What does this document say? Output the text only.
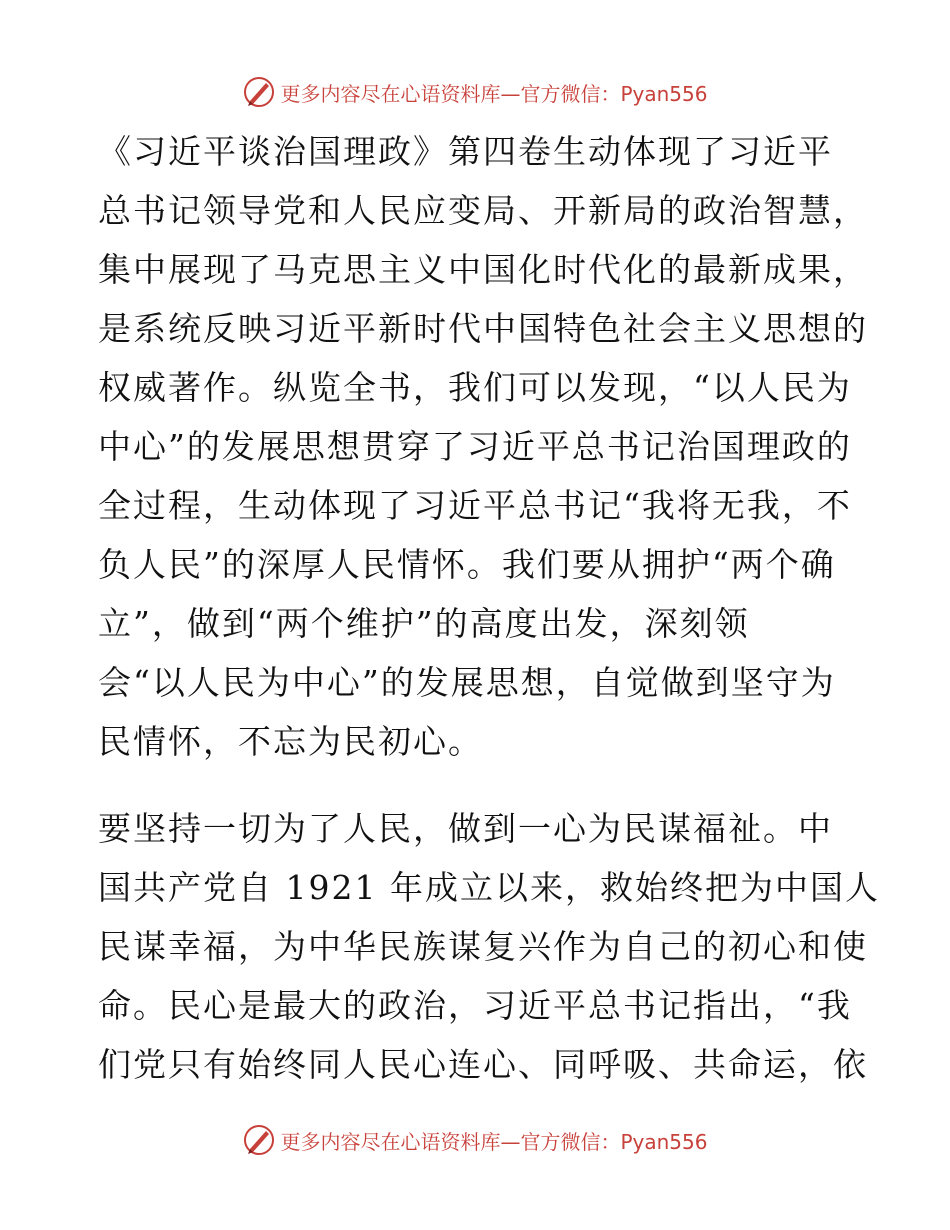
更多内容尽在心语资料库—官方微信：Pyan556
《习近平谈治国理政》第四卷生动体现了习近平
总书记领导党和人民应变局、开新局的政治智慧，
集中展现了马克思主义中国化时代化的最新成果，
是系统反映习近平新时代中国特色社会主义思想的
权威著作。纵览全书，我们可以发现，“以人民为
中心”的发展思想贯穿了习近平总书记治国理政的
全过程，生动体现了习近平总书记“我将无我，不
负人民”的深厚人民情怀。我们要从拥护“两个确
立”，做到“两个维护”的高度出发，深刻领
会“以人民为中心”的发展思想，自觉做到坚守为
民情怀，不忘为民初心。
要坚持一切为了人民，做到一心为民谋福祉。中
国共产党自 1921 年成立以来，救始终把为中国人
民谋幸福，为中华民族谋复兴作为自己的初心和使
命。民心是最大的政治，习近平总书记指出，“我
们党只有始终同人民心连心、同呼吸、共命运，依
更多内容尽在心语资料库—官方微信：Pyan556
